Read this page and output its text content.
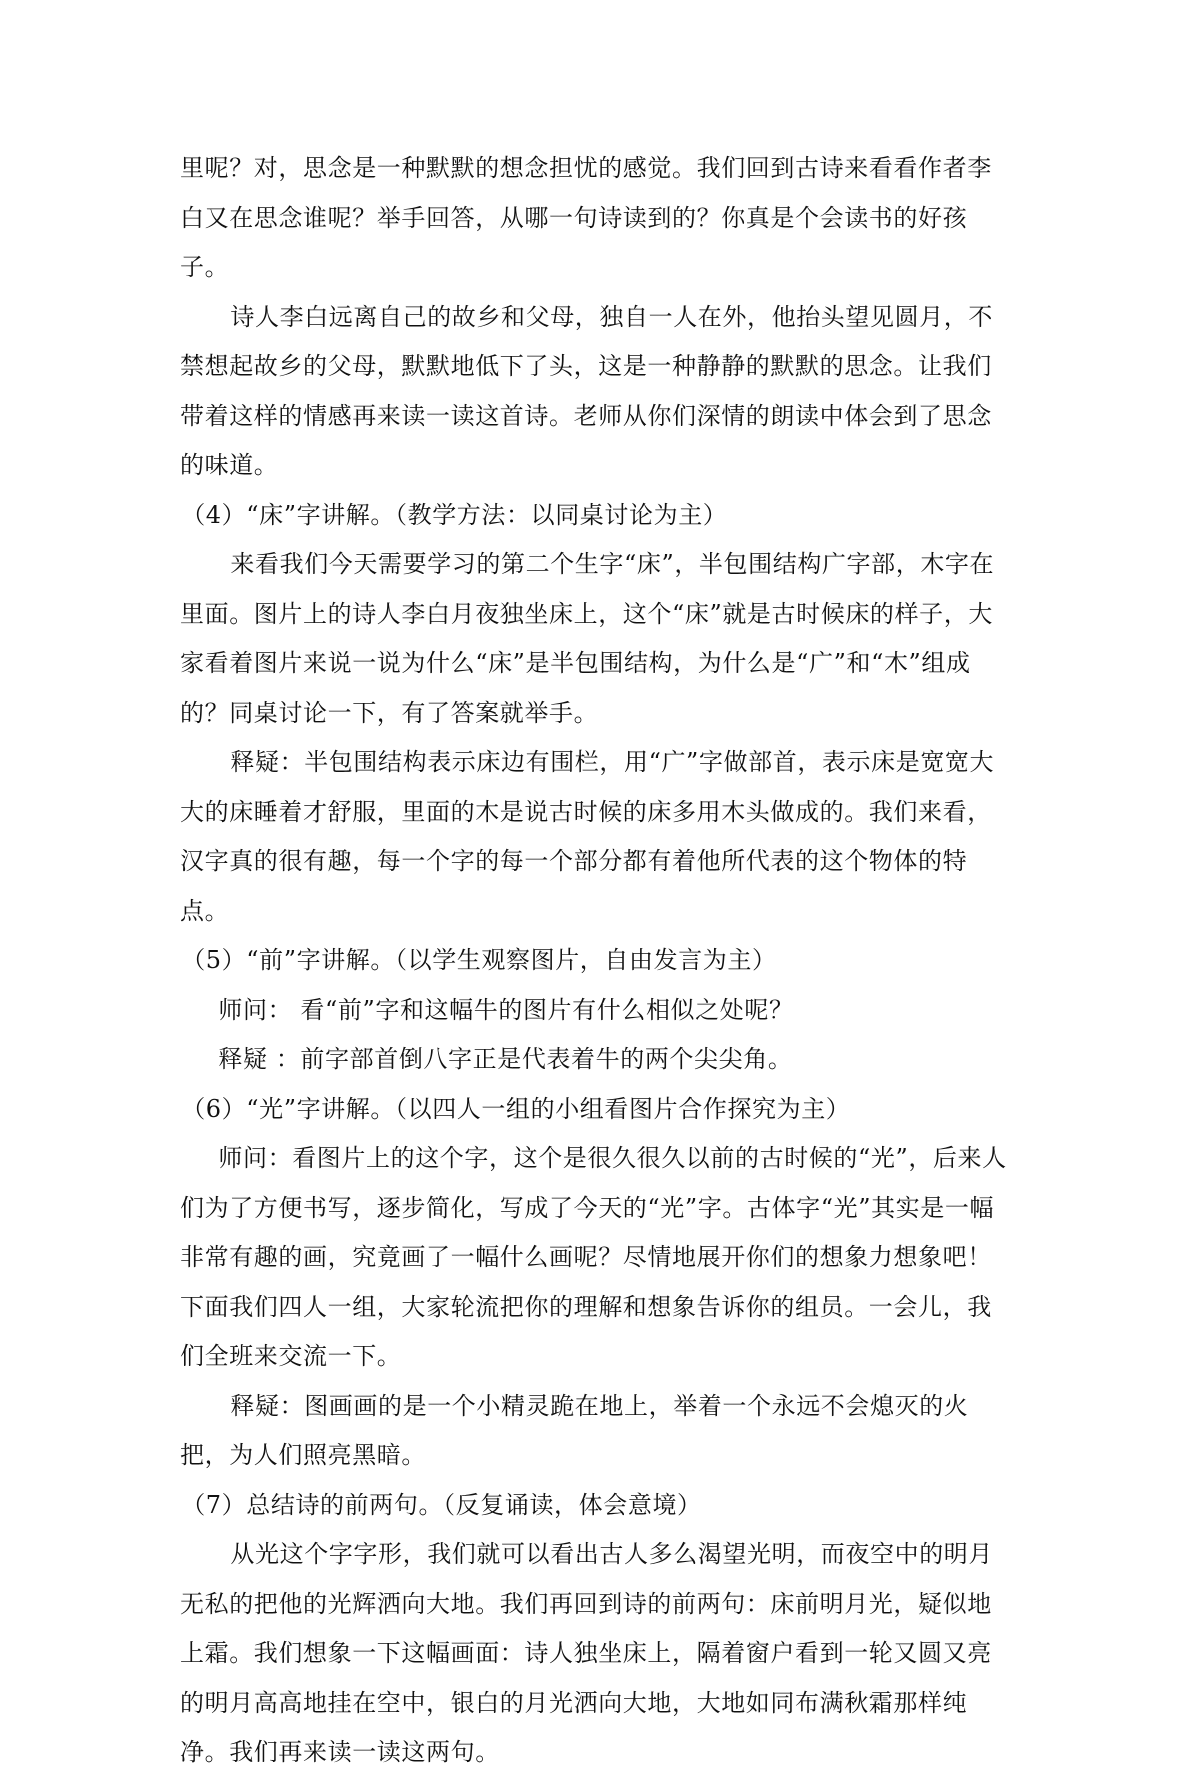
里呢？对，思念是一种默默的想念担忧的感觉。我们回到古诗来看看作者李白又在思念谁呢？举手回答，从哪一句诗读到的？你真是个会读书的好孩子。

诗人李白远离自己的故乡和父母，独自一人在外，他抬头望见圆月，不禁想起故乡的父母，默默地低下了头，这是一种静静的默默的思念。让我们带着这样的情感再来读一读这首诗。老师从你们深情的朗读中体会到了思念的味道。

（4）“床”字讲解。（教学方法：以同桌讨论为主）

来看我们今天需要学习的第二个生字“床”，半包围结构广字部，木字在里面。图片上的诗人李白月夜独坐床上，这个“床”就是古时候床的样子，大家看着图片来说一说为什么“床”是半包围结构，为什么是“广”和“木”组成的？同桌讨论一下，有了答案就举手。

释疑：半包围结构表示床边有围栏，用“广”字做部首，表示床是宽宽大大的床睡着才舒服，里面的木是说古时候的床多用木头做成的。我们来看，汉字真的很有趣，每一个字的每一个部分都有着他所代表的这个物体的特点。

（5）“前”字讲解。（以学生观察图片，自由发言为主）

师问： 看“前”字和这幅牛的图片有什么相似之处呢？

释疑 ：前字部首倒八字正是代表着牛的两个尖尖角。

（6）“光”字讲解。（以四人一组的小组看图片合作探究为主）

师问：看图片上的这个字，这个是很久很久以前的古时候的“光”，后来人们为了方便书写，逐步简化，写成了今天的“光”字。古体字“光”其实是一幅非常有趣的画，究竟画了一幅什么画呢？尽情地展开你们的想象力想象吧！

下面我们四人一组，大家轮流把你的理解和想象告诉你的组员。一会儿，我们全班来交流一下。

释疑：图画画的是一个小精灵跪在地上，举着一个永远不会熄灭的火把，为人们照亮黑暗。

（7）总结诗的前两句。（反复诵读，体会意境）

从光这个字字形，我们就可以看出古人多么渴望光明，而夜空中的明月无私的把他的光辉洒向大地。我们再回到诗的前两句：床前明月光，疑似地上霜。我们想象一下这幅画面：诗人独坐床上，隔着窗户看到一轮又圆又亮的明月高高地挂在空中，银白的月光洒向大地，大地如同布满秋霜那样纯净。我们再来读一读这两句。
